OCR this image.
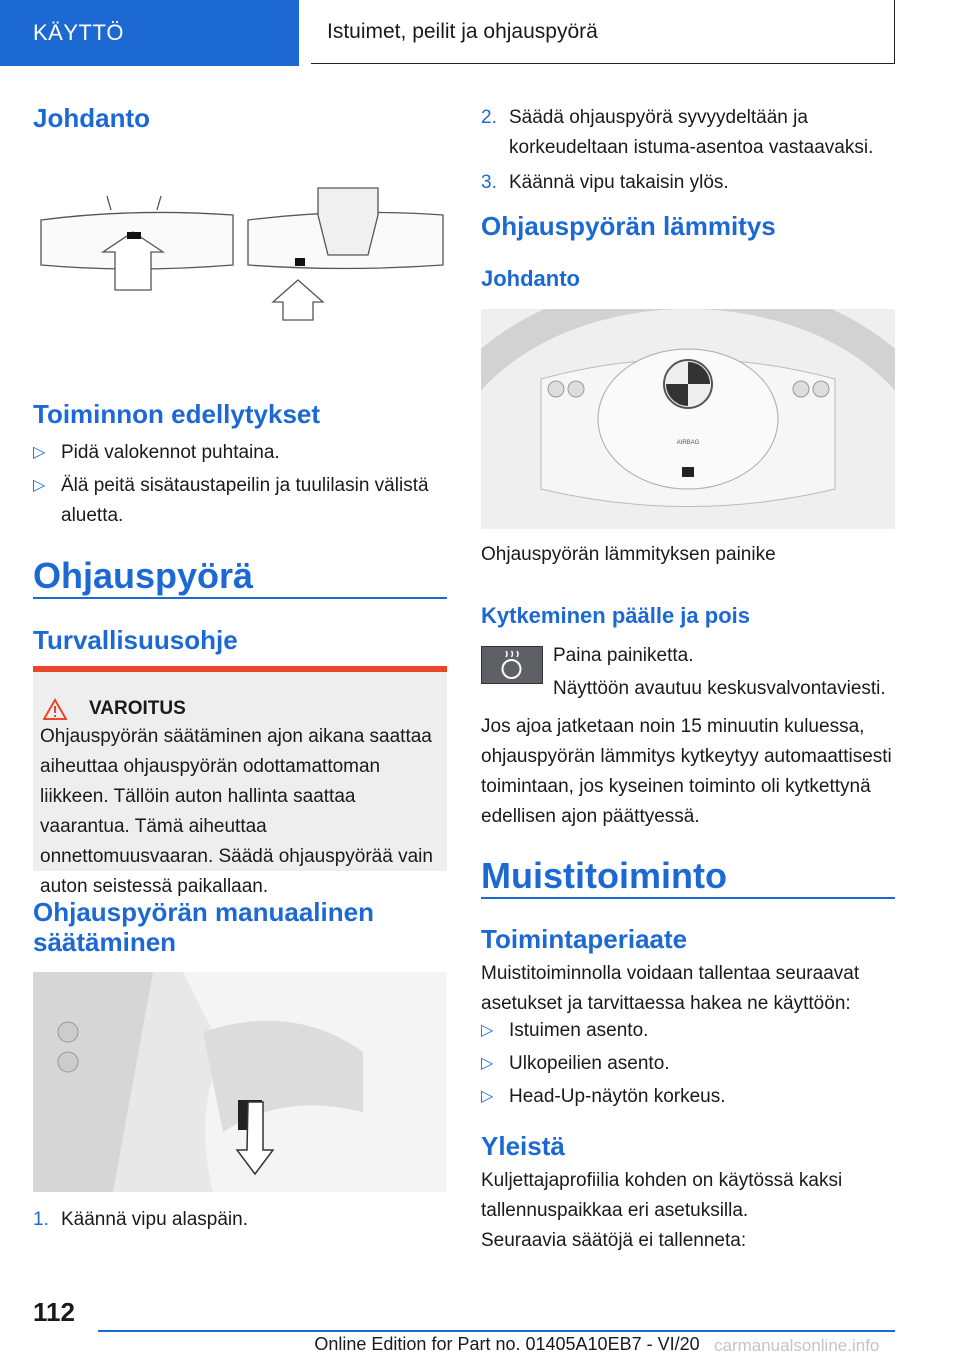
KÄYTTÖ	Istuimet, peilit ja ohjauspyörä
Johdanto
Toiminnon edellytykset
▷ Pidä valokennot puhtaina.
▷ Älä peitä sisätaustapeilin ja tuulilasin välistä aluetta.
Ohjauspyörä
Turvallisuusohje
VAROITUS
Ohjauspyörän säätäminen ajon aikana saattaa aiheuttaa ohjauspyörän odottamattoman liikkeen. Tällöin auton hallinta saattaa vaarantua. Tämä aiheuttaa onnettomuusvaaran. Säädä ohjauspyörää vain auton seistessä paikallaan.
Ohjauspyörän manuaalinen säätäminen
1. Käännä vipu alaspäin.
2. Säädä ohjauspyörä syvyydeltään ja korkeudeltaan istuma-asentoa vastaavaksi.
3. Käännä vipu takaisin ylös.
Ohjauspyörän lämmitys
Johdanto
AIRBAG
Ohjauspyörän lämmityksen painike
Kytkeminen päälle ja pois
Paina painiketta.
Näyttöön avautuu keskusvalvontaviesti.
Jos ajoa jatketaan noin 15 minuutin kuluessa, ohjauspyörän lämmitys kytkeytyy automaattisesti toimintaan, jos kyseinen toiminto oli kytkettynä edellisen ajon päättyessä.
Muistitoiminto
Toimintaperiaate
Muistitoiminnolla voidaan tallentaa seuraavat asetukset ja tarvittaessa hakea ne käyttöön:
▷ Istuimen asento.
▷ Ulkopeilien asento.
▷ Head-Up-näytön korkeus.
Yleistä
Kuljettajaprofiilia kohden on käytössä kaksi tallennuspaikkaa eri asetuksilla.
Seuraavia säätöjä ei tallenneta:
112
Online Edition for Part no. 01405A10EB7 - VI/20 carmanualsonline.info
